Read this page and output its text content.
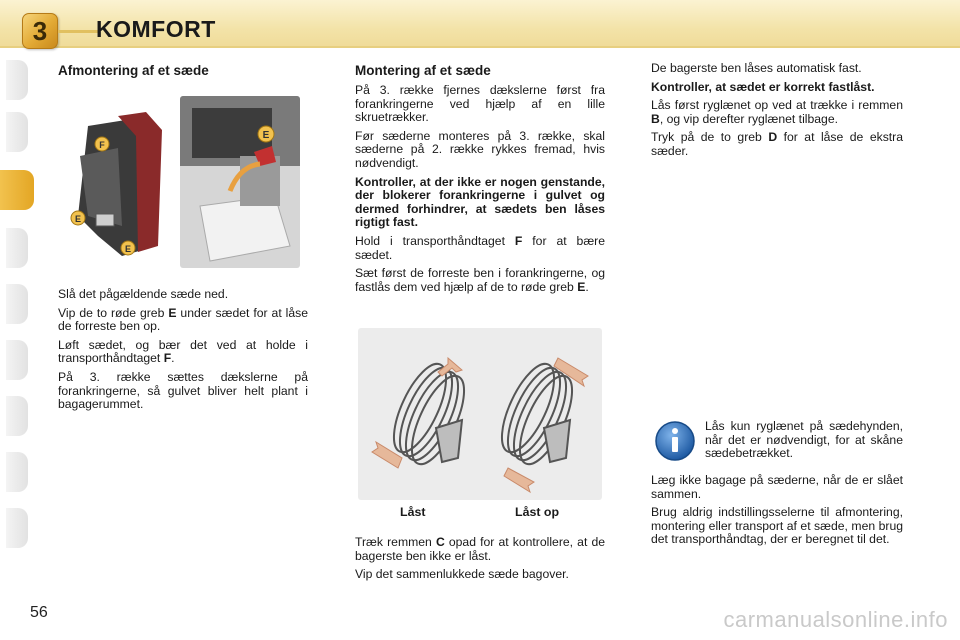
3	KOMFORT
Afmontering af et sæde
F
E
E
E

Slå det pågældende sæde ned.

Vip de to røde greb E under sædet for at låse de forreste ben op.

Løft sædet, og bær det ved at holde i transporthåndtaget F.

På 3. række sættes dækslerne på forankringerne, så gulvet bliver helt plant i bagagerummet.

Montering af et sæde

På 3. række fjernes dækslerne først fra forankringerne ved hjælp af en lille skruetrækker.

Før sæderne monteres på 3. række, skal sæderne på 2. række rykkes fremad, hvis nødvendigt.

Kontroller, at der ikke er nogen genstande, der blokerer forankringerne i gulvet og dermed forhindrer, at sædets ben låses rigtigt fast.

Hold i transporthåndtaget F for at bære sædet.

Sæt først de forreste ben i forankringerne, og fastlås dem ved hjælp af de to røde greb E.

Låst	Låst op

Træk remmen C opad for at kontrollere, at de bagerste ben ikke er låst.

Vip det sammenlukkede sæde bagover.

De bagerste ben låses automatisk fast.

Kontroller, at sædet er korrekt fastlåst.

Lås først ryglænet op ved at trække i remmen B, og vip derefter ryglænet tilbage.

Tryk på de to greb D for at låse de ekstra sæder.

Lås kun ryglænet på sædehynden, når det er nødvendigt, for at skåne sædebetrækket.

Læg ikke bagage på sæderne, når de er slået sammen.

Brug aldrig indstillingsselerne til afmontering, montering eller transport af et sæde, men brug det transporthåndtag, der er beregnet til det.

56	carmanualsonline.info
